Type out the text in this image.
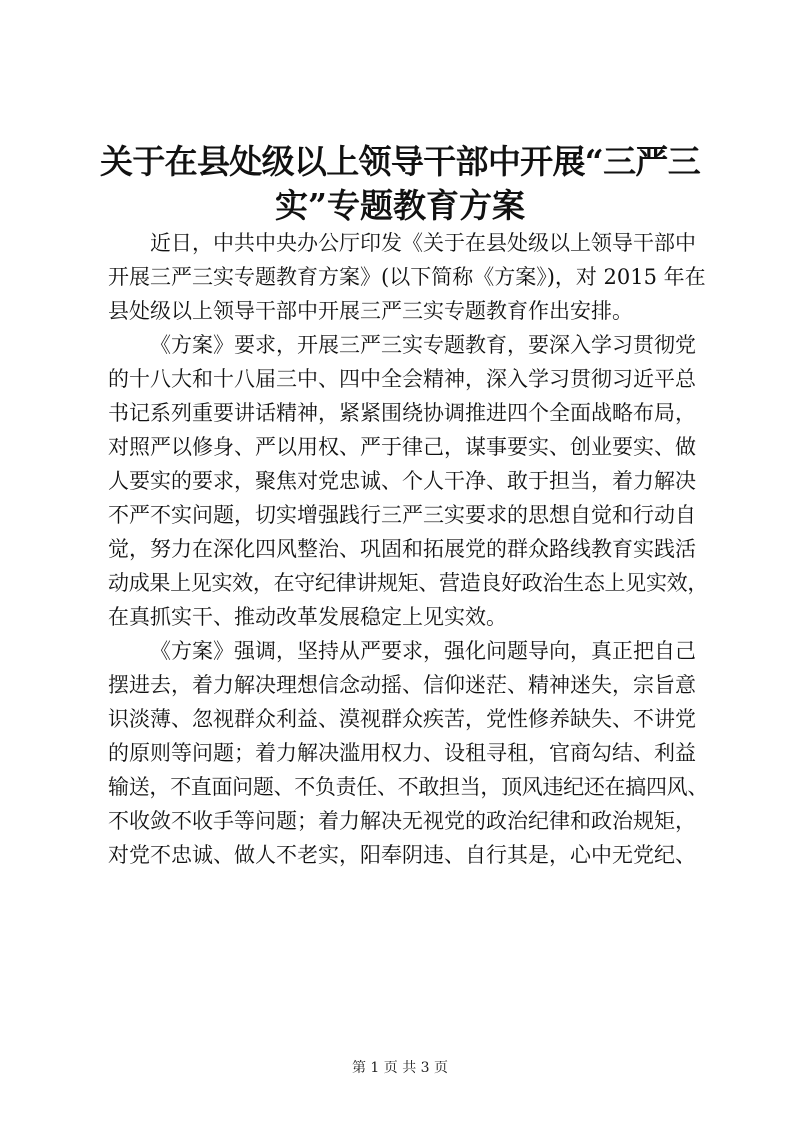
关于在县处级以上领导干部中开展“三严三
实”专题教育方案
近日，中共中央办公厅印发《关于在县处级以上领导干部中
开展三严三实专题教育方案》(以下简称《方案》)，对 2015 年在
县处级以上领导干部中开展三严三实专题教育作出安排。
《方案》要求，开展三严三实专题教育，要深入学习贯彻党
的十八大和十八届三中、四中全会精神，深入学习贯彻习近平总
书记系列重要讲话精神，紧紧围绕协调推进四个全面战略布局，
对照严以修身、严以用权、严于律己，谋事要实、创业要实、做
人要实的要求，聚焦对党忠诚、个人干净、敢于担当，着力解决
不严不实问题，切实增强践行三严三实要求的思想自觉和行动自
觉，努力在深化四风整治、巩固和拓展党的群众路线教育实践活
动成果上见实效，在守纪律讲规矩、营造良好政治生态上见实效，
在真抓实干、推动改革发展稳定上见实效。
《方案》强调，坚持从严要求，强化问题导向，真正把自己
摆进去，着力解决理想信念动摇、信仰迷茫、精神迷失，宗旨意
识淡薄、忽视群众利益、漠视群众疾苦，党性修养缺失、不讲党
的原则等问题；着力解决滥用权力、设租寻租，官商勾结、利益
输送，不直面问题、不负责任、不敢担当，顶风违纪还在搞四风、
不收敛不收手等问题；着力解决无视党的政治纪律和政治规矩，
对党不忠诚、做人不老实，阳奉阴违、自行其是，心中无党纪、
第 1 页 共 3 页
